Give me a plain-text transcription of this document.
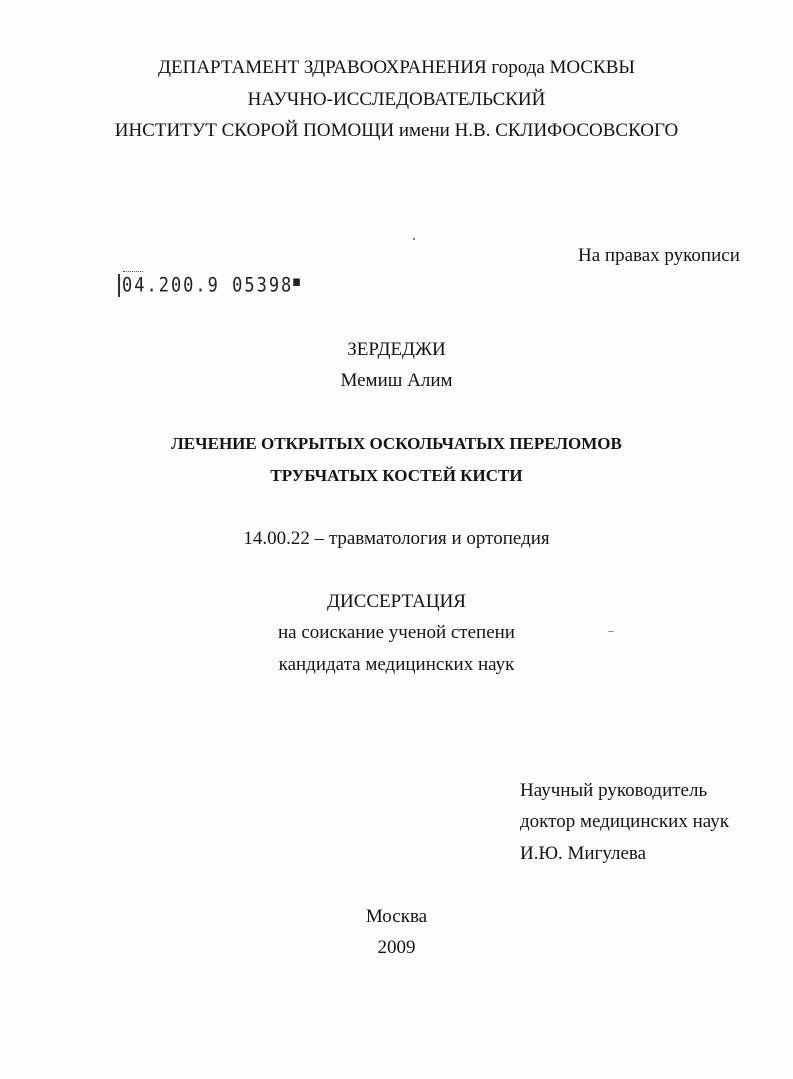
ДЕПАРТАМЕНТ ЗДРАВООХРАНЕНИЯ города МОСКВЫ
НАУЧНО-ИССЛЕДОВАТЕЛЬСКИЙ
ИНСТИТУТ СКОРОЙ ПОМОЩИ имени Н.В. СКЛИФОСОВСКОГО
На правах рукописи
04.200.9 05398■
ЗЕРДЕДЖИ
Мемиш Алим
ЛЕЧЕНИЕ ОТКРЫТЫХ ОСКОЛЬЧАТЫХ ПЕРЕЛОМОВ
ТРУБЧАТЫХ КОСТЕЙ КИСТИ
14.00.22 – травматология и ортопедия
ДИССЕРТАЦИЯ
на соискание ученой степени
кандидата медицинских наук
Научный руководитель
доктор медицинских наук
И.Ю. Мигулева
Москва
2009
